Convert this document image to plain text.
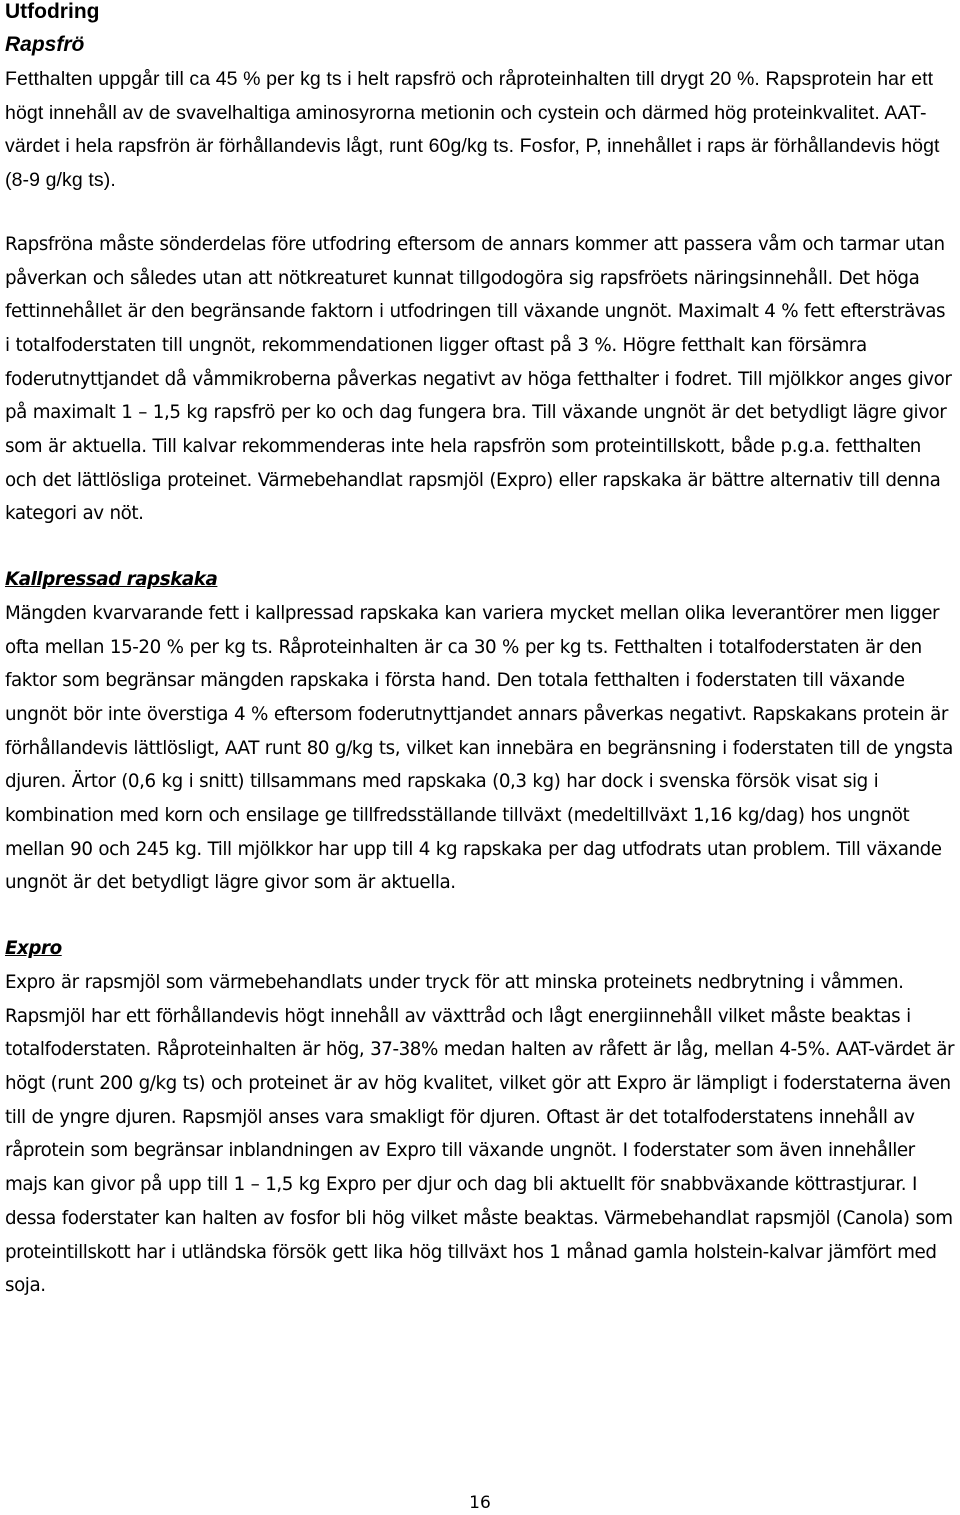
Utfodring
Rapsfrö

Fetthalten uppgår till ca 45 % per kg ts i helt rapsfrö och råproteinhalten till drygt 20 %. Rapsprotein har ett högt innehåll av de svavelhaltiga aminosyrorna metionin och cystein och därmed hög proteinkvalitet. AAT-värdet i hela rapsfrön är förhållandevis lågt, runt 60g/kg ts. Fosfor, P, innehållet i raps är förhållandevis högt (8-9 g/kg ts).

Rapsfröna måste sönderdelas före utfodring eftersom de annars kommer att passera våm och tarmar utan påverkan och således utan att nötkreaturet kunnat tillgodogöra sig rapsfröets näringsinnehåll. Det höga fettinnehållet är den begränsande faktorn i utfodringen till växande ungnöt. Maximalt 4 % fett eftersträvas i totalfoderstaten till ungnöt, rekommendationen ligger oftast på 3 %. Högre fetthalt kan försämra foderutnyttjandet då våmmikroberna påverkas negativt av höga fetthalter i fodret. Till mjölkkor anges givor på maximalt 1 – 1,5 kg rapsfrö per ko och dag fungera bra. Till växande ungnöt är det betydligt lägre givor som är aktuella. Till kalvar rekommenderas inte hela rapsfrön som proteintillskott, både p.g.a. fetthalten och det lättlösliga proteinet. Värmebehandlat rapsmjöl (Expro) eller rapskaka är bättre alternativ till denna kategori av nöt.

Kallpressad rapskaka

Mängden kvarvarande fett i kallpressad rapskaka kan variera mycket mellan olika leverantörer men ligger ofta mellan 15-20 % per kg ts. Råproteinhalten är ca 30 % per kg ts. Fetthalten i totalfoderstaten är den faktor som begränsar mängden rapskaka i första hand. Den totala fetthalten i foderstaten till växande ungnöt bör inte överstiga 4 % eftersom foderutnyttjandet annars påverkas negativt. Rapskakans protein är förhållandevis lättlösligt, AAT runt 80 g/kg ts, vilket kan innebära en begränsning i foderstaten till de yngsta djuren. Ärtor (0,6 kg i snitt) tillsammans med rapskaka (0,3 kg) har dock i svenska försök visat sig i kombination med korn och ensilage ge tillfredsställande tillväxt (medeltillväxt 1,16 kg/dag) hos ungnöt mellan 90 och 245 kg. Till mjölkkor har upp till 4 kg rapskaka per dag utfodrats utan problem. Till växande ungnöt är det betydligt lägre givor som är aktuella.

Expro

Expro är rapsmjöl som värmebehandlats under tryck för att minska proteinets nedbrytning i våmmen. Rapsmjöl har ett förhållandevis högt innehåll av växttråd och lågt energiinnehåll vilket måste beaktas i totalfoderstaten. Råproteinhalten är hög, 37-38% medan halten av råfett är låg, mellan 4-5%. AAT-värdet är högt (runt 200 g/kg ts) och proteinet är av hög kvalitet, vilket gör att Expro är lämpligt i foderstaterna även till de yngre djuren. Rapsmjöl anses vara smakligt för djuren. Oftast är det totalfoderstatens innehåll av råprotein som begränsar inblandningen av Expro till växande ungnöt. I foderstater som även innehåller majs kan givor på upp till 1 – 1,5 kg Expro per djur och dag bli aktuellt för snabbväxande köttrastjurar. I dessa foderstater kan halten av fosfor bli hög vilket måste beaktas. Värmebehandlat rapsmjöl (Canola) som proteintillskott har i utländska försök gett lika hög tillväxt hos 1 månad gamla holstein-kalvar jämfört med soja.

16
